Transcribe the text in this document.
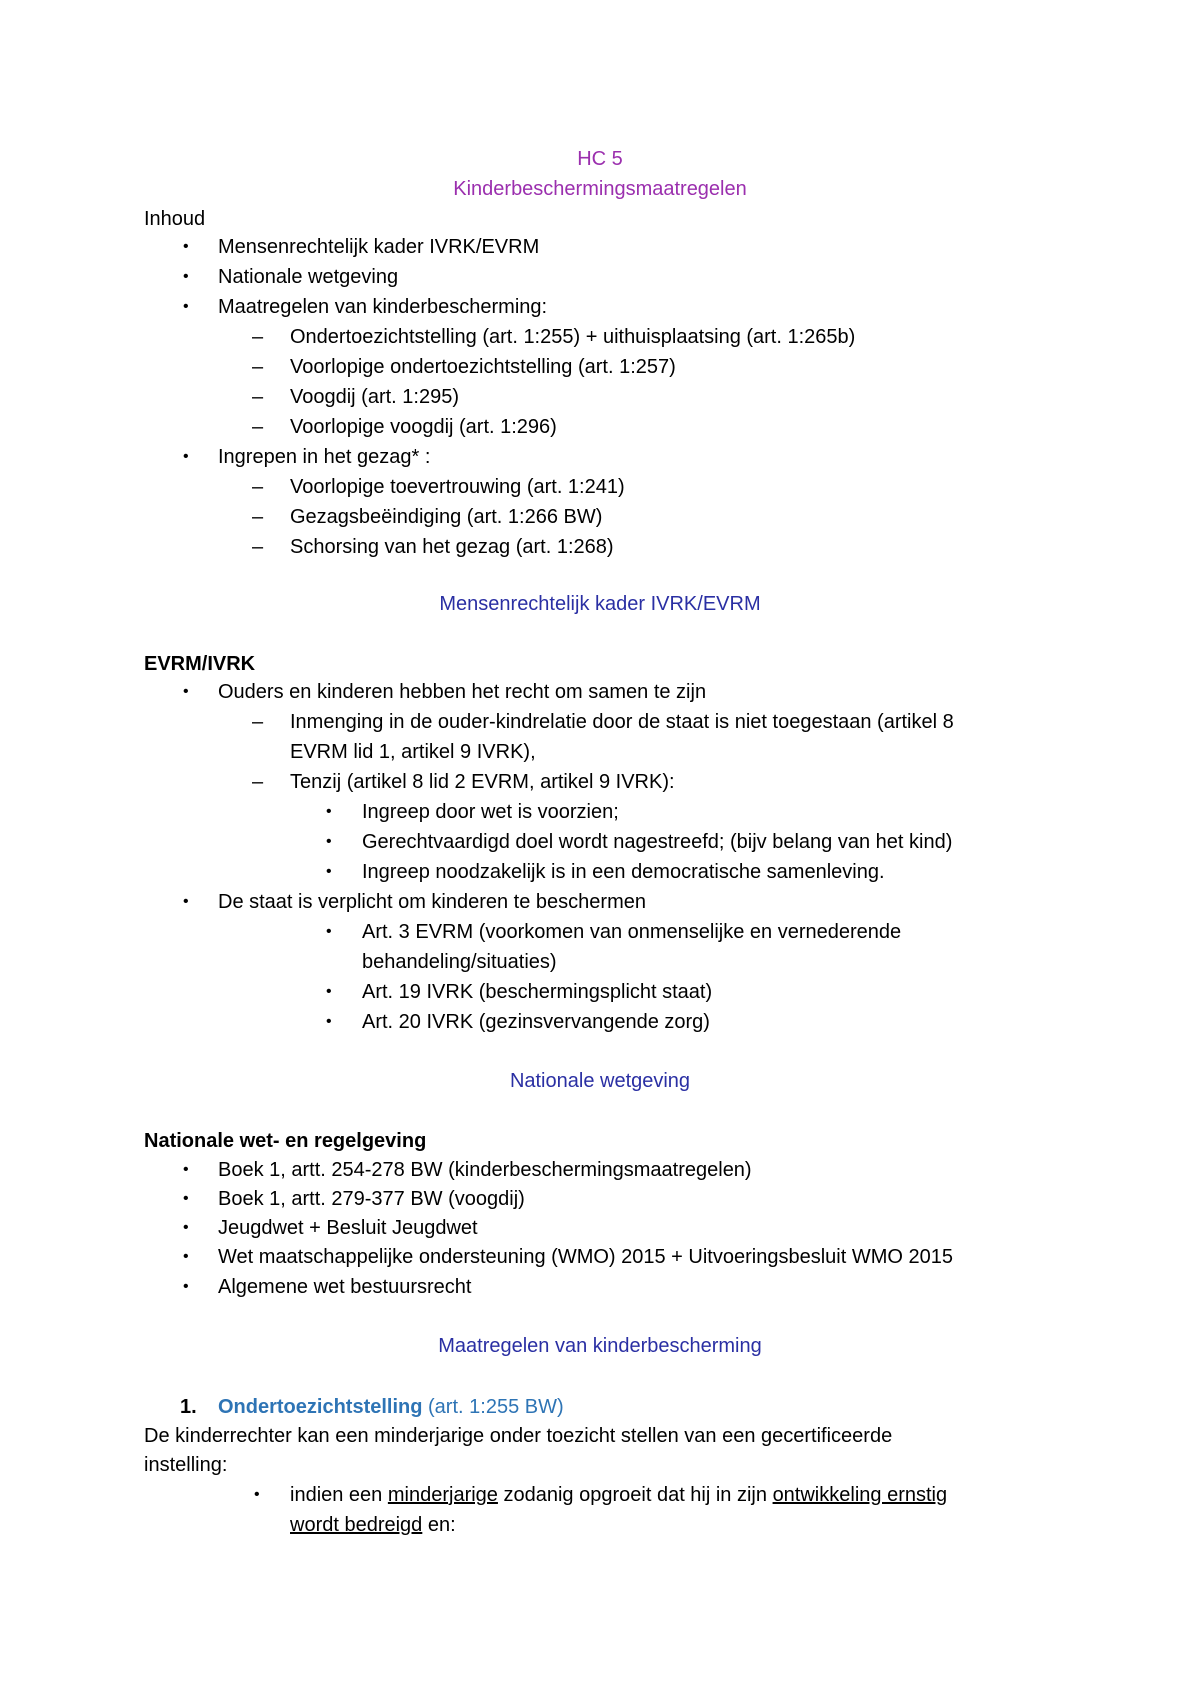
HC 5
Kinderbeschermingsmaatregelen
Inhoud
• Mensenrechtelijk kader IVRK/EVRM
• Nationale wetgeving
• Maatregelen van kinderbescherming:
– Ondertoezichtstelling (art. 1:255) + uithuisplaatsing (art. 1:265b)
– Voorlopige ondertoezichtstelling (art. 1:257)
– Voogdij (art. 1:295)
– Voorlopige voogdij (art. 1:296)
• Ingrepen in het gezag* :
– Voorlopige toevertrouwing (art. 1:241)
– Gezagsbeëindiging (art. 1:266 BW)
– Schorsing van het gezag (art. 1:268)
Mensenrechtelijk kader IVRK/EVRM
EVRM/IVRK
• Ouders en kinderen hebben het recht om samen te zijn
– Inmenging in de ouder-kindrelatie door de staat is niet toegestaan (artikel 8
EVRM lid 1, artikel 9 IVRK),
– Tenzij (artikel 8 lid 2 EVRM, artikel 9 IVRK):
• Ingreep door wet is voorzien;
• Gerechtvaardigd doel wordt nagestreefd; (bijv belang van het kind)
• Ingreep noodzakelijk is in een democratische samenleving.
• De staat is verplicht om kinderen te beschermen
• Art. 3 EVRM (voorkomen van onmenselijke en vernederende
behandeling/situaties)
• Art. 19 IVRK (beschermingsplicht staat)
• Art. 20 IVRK (gezinsvervangende zorg)
Nationale wetgeving
Nationale wet- en regelgeving
• Boek 1, artt. 254-278 BW (kinderbeschermingsmaatregelen)
• Boek 1, artt. 279-377 BW (voogdij)
• Jeugdwet + Besluit Jeugdwet
• Wet maatschappelijke ondersteuning (WMO) 2015 + Uitvoeringsbesluit WMO 2015
• Algemene wet bestuursrecht
Maatregelen van kinderbescherming
1. Ondertoezichtstelling (art. 1:255 BW)
De kinderrechter kan een minderjarige onder toezicht stellen van een gecertificeerde
instelling:
• indien een minderjarige zodanig opgroeit dat hij in zijn ontwikkeling ernstig
wordt bedreigd en:
